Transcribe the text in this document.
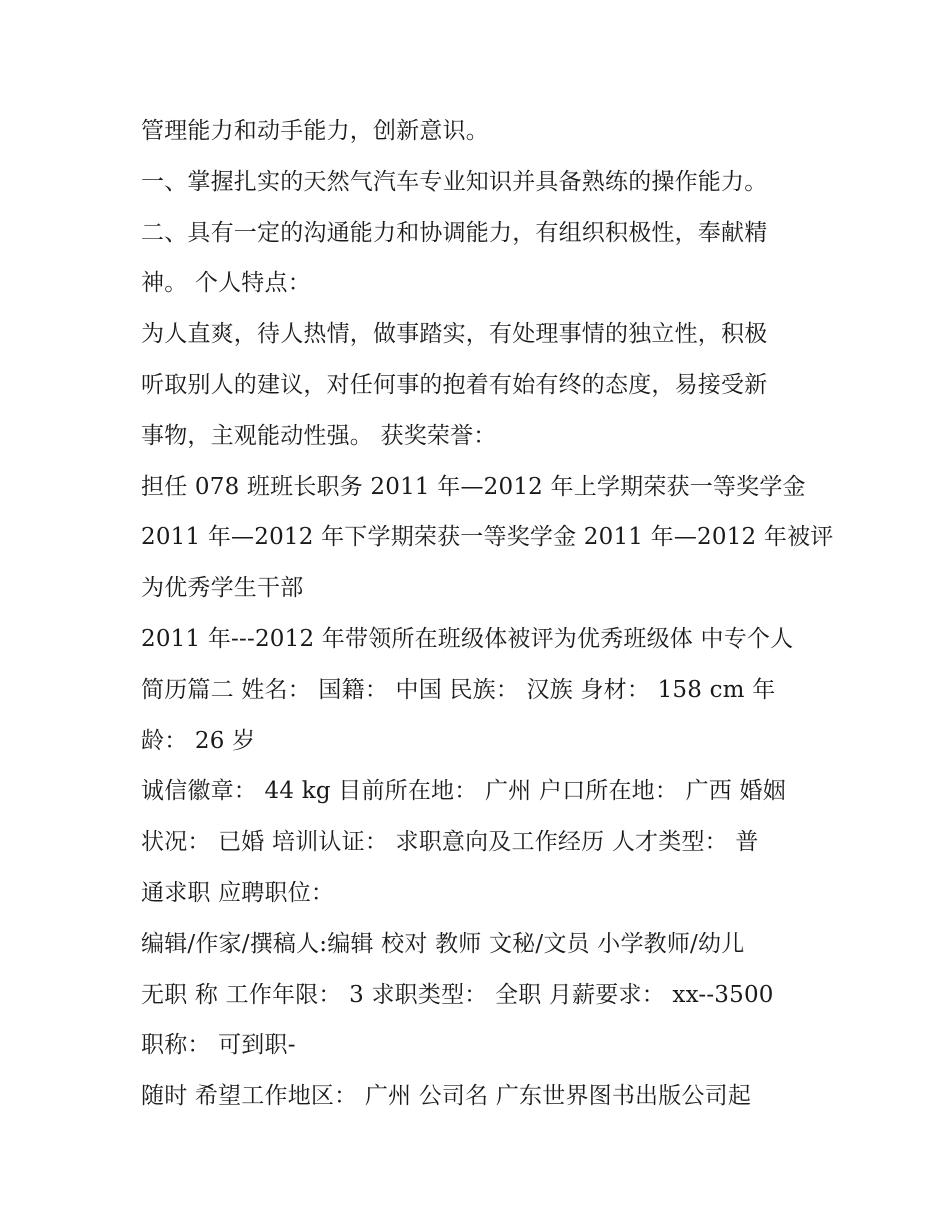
管理能力和动手能力，创新意识。
一、掌握扎实的天然气汽车专业知识并具备熟练的操作能力。
二、具有一定的沟通能力和协调能力，有组织积极性，奉献精
神。 个人特点：
为人直爽，待人热情，做事踏实，有处理事情的独立性，积极
听取别人的建议，对任何事的抱着有始有终的态度，易接受新
事物，主观能动性强。 获奖荣誉：
担任 078 班班长职务 2011 年—2012 年上学期荣获一等奖学金
2011 年—2012 年下学期荣获一等奖学金 2011 年—2012 年被评
为优秀学生干部
2011 年---2012 年带领所在班级体被评为优秀班级体 中专个人
简历篇二 姓名： 国籍： 中国 民族： 汉族 身材： 158 cm 年
龄： 26 岁
诚信徽章： 44 kg 目前所在地： 广州 户口所在地： 广西 婚姻
状况： 已婚 培训认证： 求职意向及工作经历 人才类型： 普
通求职 应聘职位：
编辑/作家/撰稿人:编辑 校对 教师 文秘/文员 小学教师/幼儿
无职 称 工作年限： 3 求职类型： 全职 月薪要求： xx--3500
职称： 可到职-
随时 希望工作地区： 广州 公司名 广东世界图书出版公司起
